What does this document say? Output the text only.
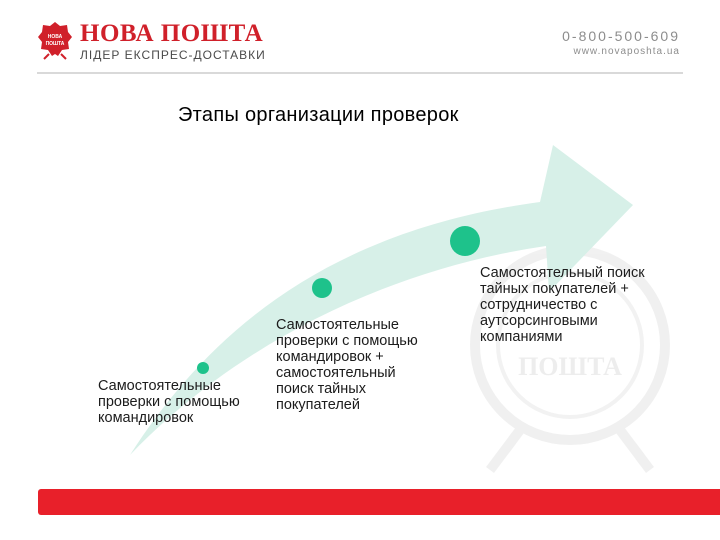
НОВА
ПОШТА НОВА ПОШТА
ЛІДЕР ЕКСПРЕС-ДОСТАВКИ
0-800-500-609
www.novaposhta.ua
Этапы организации проверок
ПОШТА
Самостоятельные
проверки с помощью
командировок
Самостоятельные
проверки с помощью
командировок +
самостоятельный
поиск тайных
покупателей
Самостоятельный поиск
тайных покупателей +
сотрудничество с
аутсорсинговыми
компаниями
